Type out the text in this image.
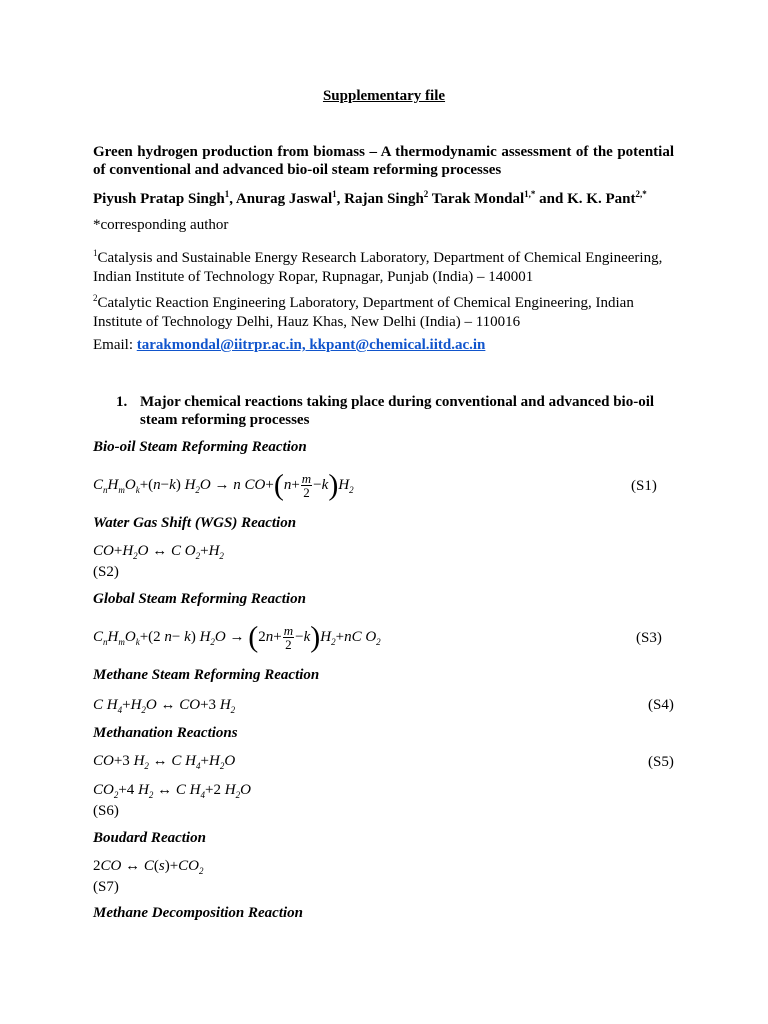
Supplementary file
Green hydrogen production from biomass – A thermodynamic assessment of the potential of conventional and advanced bio-oil steam reforming processes
Piyush Pratap Singh$^1$, Anurag Jaswal$^1$, Rajan Singh$^2$ Tarak Mondal$^{1,*}$ and K. K. Pant$^{2,*}$
*corresponding author
$^1$Catalysis and Sustainable Energy Research Laboratory, Department of Chemical Engineering, Indian Institute of Technology Ropar, Rupnagar, Punjab (India) – 140001
$^2$Catalytic Reaction Engineering Laboratory, Department of Chemical Engineering, Indian Institute of Technology Delhi, Hauz Khas, New Delhi (India) – 110016
Email: tarakmondal@iitrpr.ac.in, kkpant@chemical.iitd.ac.in
1. Major chemical reactions taking place during conventional and advanced bio-oil steam reforming processes
Bio-oil Steam Reforming Reaction
$C_nH_mO_k+(n-k) H_2O \to n$ $CO+(n+ \frac{m}{2} -k)H_2$	(S1)
Water Gas Shift (WGS) Reaction
$CO+H_2O$ ↔ C $O_2+H_2$
(S2)
Global Steam Reforming Reaction
$C_nH_mO_k+(2$ n− k) $H_2O \to (2n+ \frac{m}{2} -k)H_2+nC$ $O_2$	(S3)
Methane Steam Reforming Reaction
C $H_4+H_2O$ ↔ CO+3 $H_2$	(S4)
Methanation Reactions
CO+3 $H_2$ ↔ C $H_4+H_2O$	(S5)
$CO_2+4$ $H_2$ ↔ C $H_4+2$ $H_2O$
(S6)
Boudard Reaction
2CO ↔ $C(s)+CO_2$
(S7)
Methane Decomposition Reaction
